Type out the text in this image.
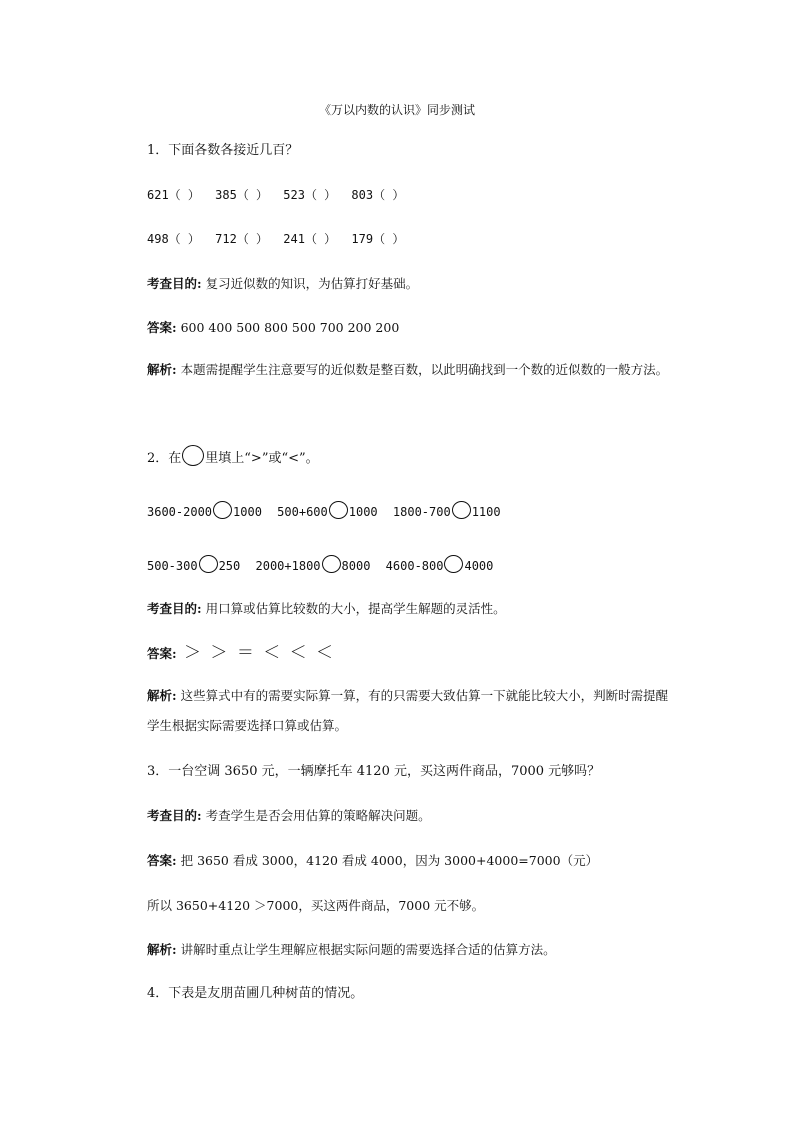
《万以内数的认识》同步测试
1．下面各数各接近几百？
621（ ） 385（ ） 523（ ） 803（ ）
498（ ） 712（ ） 241（ ） 179（ ）
考查目的: 复习近似数的知识，为估算打好基础。
答案: 600 400 500 800 500 700 200 200
解析: 本题需提醒学生注意要写的近似数是整百数，以此明确找到一个数的近似数的一般方法。
2．在 里填上“>”或“<”。
3600-2000 1000 500+600 1000 1800-700 1100
500-300 250 2000+1800 8000 4600-800 4000
考查目的: 用口算或估算比较数的大小，提高学生解题的灵活性。
答案: ＞ ＞ ＝ ＜ ＜ ＜
解析: 这些算式中有的需要实际算一算，有的只需要大致估算一下就能比较大小，判断时需提醒学生根据实际需要选择口算或估算。
3．一台空调 3650 元，一辆摩托车 4120 元，买这两件商品，7000 元够吗？
考查目的: 考查学生是否会用估算的策略解决问题。
答案: 把 3650 看成 3000，4120 看成 4000，因为 3000+4000=7000（元）
所以 3650+4120 ＞7000，买这两件商品，7000 元不够。
解析: 讲解时重点让学生理解应根据实际问题的需要选择合适的估算方法。
4．下表是友朋苗圃几种树苗的情况。
